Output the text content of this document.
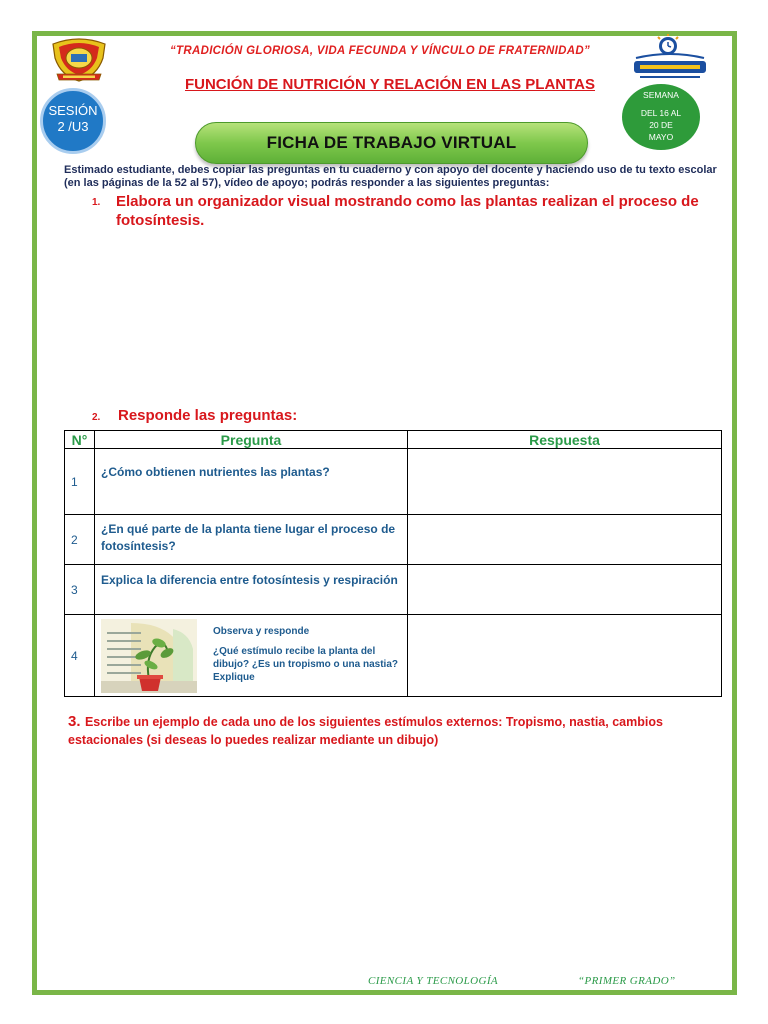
“TRADICIÓN GLORIOSA, VIDA FECUNDA Y VÍNCULO DE FRATERNIDAD”
FUNCIÓN DE NUTRICIÓN Y RELACIÓN EN LAS PLANTAS
SESIÓN
2 /U3
SEMANA
DEL 16 AL
20 DE
MAYO
FICHA DE TRABAJO VIRTUAL
Estimado estudiante, debes copiar las preguntas en tu cuaderno y con apoyo del docente y haciendo uso de tu texto escolar (en las páginas de la 52 al 57), vídeo de apoyo; podrás responder a las siguientes preguntas:
1. Elabora un organizador visual mostrando como las plantas realizan el proceso de fotosíntesis.
2. Responde las preguntas:
N°	Pregunta	Respuesta
1	¿Cómo obtienen nutrientes las plantas?	
2	¿En qué parte de la planta tiene lugar el proceso de fotosíntesis?	
3	Explica la diferencia entre fotosíntesis y respiración	
4	Observa y responde
¿Qué estímulo recibe la planta del dibujo? ¿Es un tropismo o una nastia? Explique	

3. Escribe un ejemplo de cada uno de los siguientes estímulos externos: Tropismo, nastia, cambios estacionales (si deseas lo puedes realizar mediante un dibujo)
CIENCIA Y TECNOLOGÍA	“PRIMER GRADO”
